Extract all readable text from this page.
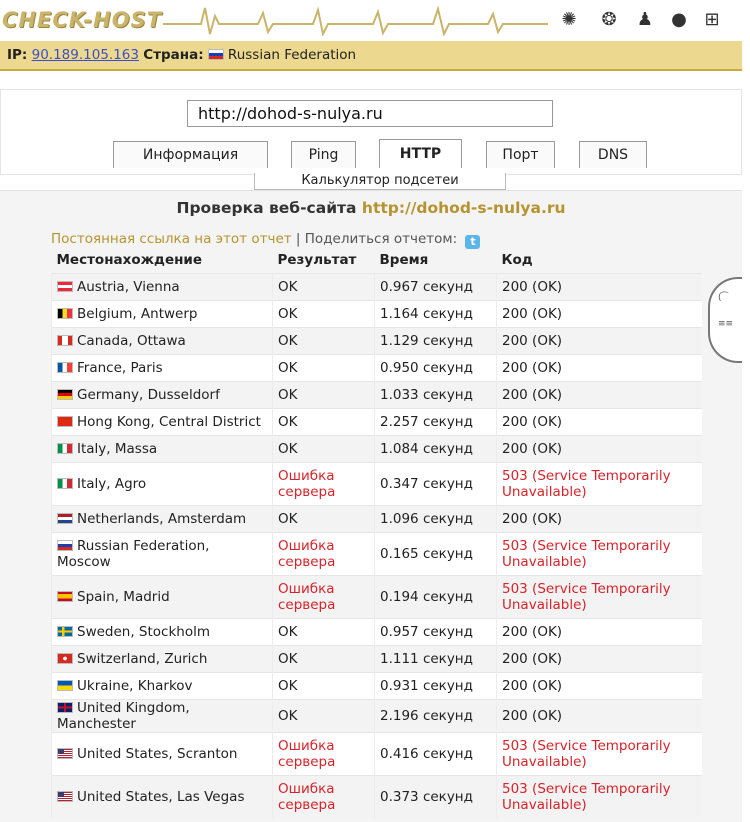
CHECK-HOST	✺ ❂ ♟ ● ⊞
IP: 90.189.105.163 Страна: Russian Federation
http://dohod-s-nulya.ru
Информация	Ping	HTTP	Порт	DNS
Калькулятор подсетеи
Проверка веб-сайта http://dohod-s-nulya.ru
Постоянная ссылка на этот отчет | Поделиться отчетом: t
( ͡
≡≡
Местонахождение	Результат	Время	Код
Austria, Vienna	OK	0.967 секунд	200 (OK)
Belgium, Antwerp	OK	1.164 секунд	200 (OK)
Canada, Ottawa	OK	1.129 секунд	200 (OK)
France, Paris	OK	0.950 секунд	200 (OK)
Germany, Dusseldorf	OK	1.033 секунд	200 (OK)
Hong Kong, Central District	OK	2.257 секунд	200 (OK)
Italy, Massa	OK	1.084 секунд	200 (OK)
Italy, Agro	Ошибка сервера	0.347 секунд	503 (Service Temporarily Unavailable)
Netherlands, Amsterdam	OK	1.096 секунд	200 (OK)
Russian Federation, Moscow	Ошибка сервера	0.165 секунд	503 (Service Temporarily Unavailable)
Spain, Madrid	Ошибка сервера	0.194 секунд	503 (Service Temporarily Unavailable)
Sweden, Stockholm	OK	0.957 секунд	200 (OK)
Switzerland, Zurich	OK	1.111 секунд	200 (OK)
Ukraine, Kharkov	OK	0.931 секунд	200 (OK)
United Kingdom, Manchester	OK	2.196 секунд	200 (OK)
United States, Scranton	Ошибка сервера	0.416 секунд	503 (Service Temporarily Unavailable)
United States, Las Vegas	Ошибка сервера	0.373 секунд	503 (Service Temporarily Unavailable)
